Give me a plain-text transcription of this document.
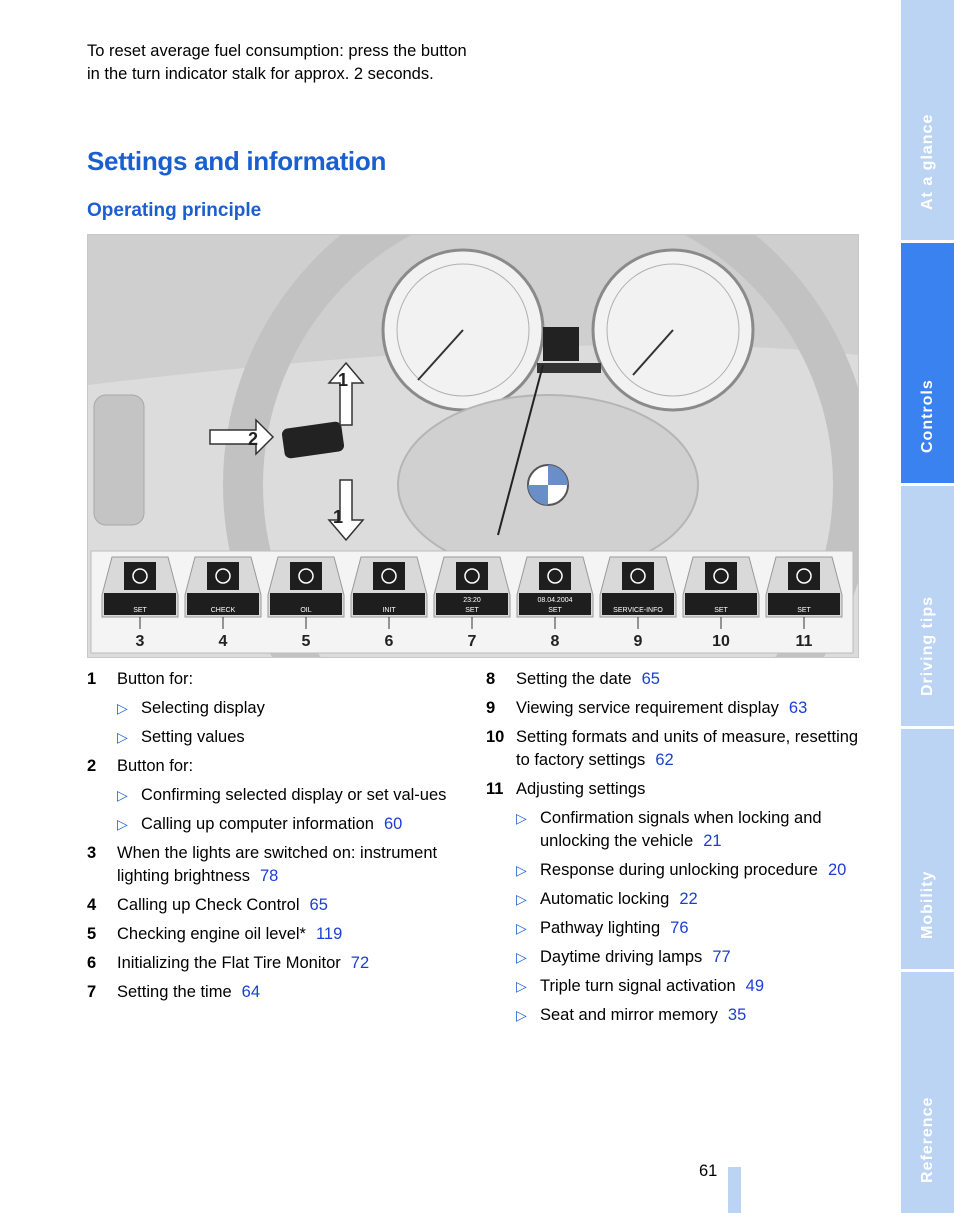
To reset average fuel consumption: press the button in the turn indicator stalk for approx. 2 seconds.
Settings and information
Operating principle
1
2
1
SET
3
CHECK
4
OIL
5
INIT
6
23:20
SET
7
08.04.2004
SET
8
SERVICE-INFO
9
SET
10
SET
11
1 Button for:
▷ Selecting display
▷ Setting values
2 Button for:
▷ Confirming selected display or set val-ues
▷ Calling up computer information 60
3 When the lights are switched on: instrument lighting brightness 78
4 Calling up Check Control 65
5 Checking engine oil level* 119
6 Initializing the Flat Tire Monitor 72
7 Setting the time 64
8 Setting the date 65
9 Viewing service requirement display 63
10 Setting formats and units of measure, resetting to factory settings 62
11 Adjusting settings
▷ Confirmation signals when locking and unlocking the vehicle 21
▷ Response during unlocking procedure 20
▷ Automatic locking 22
▷ Pathway lighting 76
▷ Daytime driving lamps 77
▷ Triple turn signal activation 49
▷ Seat and mirror memory 35
At a glance
Controls
Driving tips
Mobility
Reference
61
